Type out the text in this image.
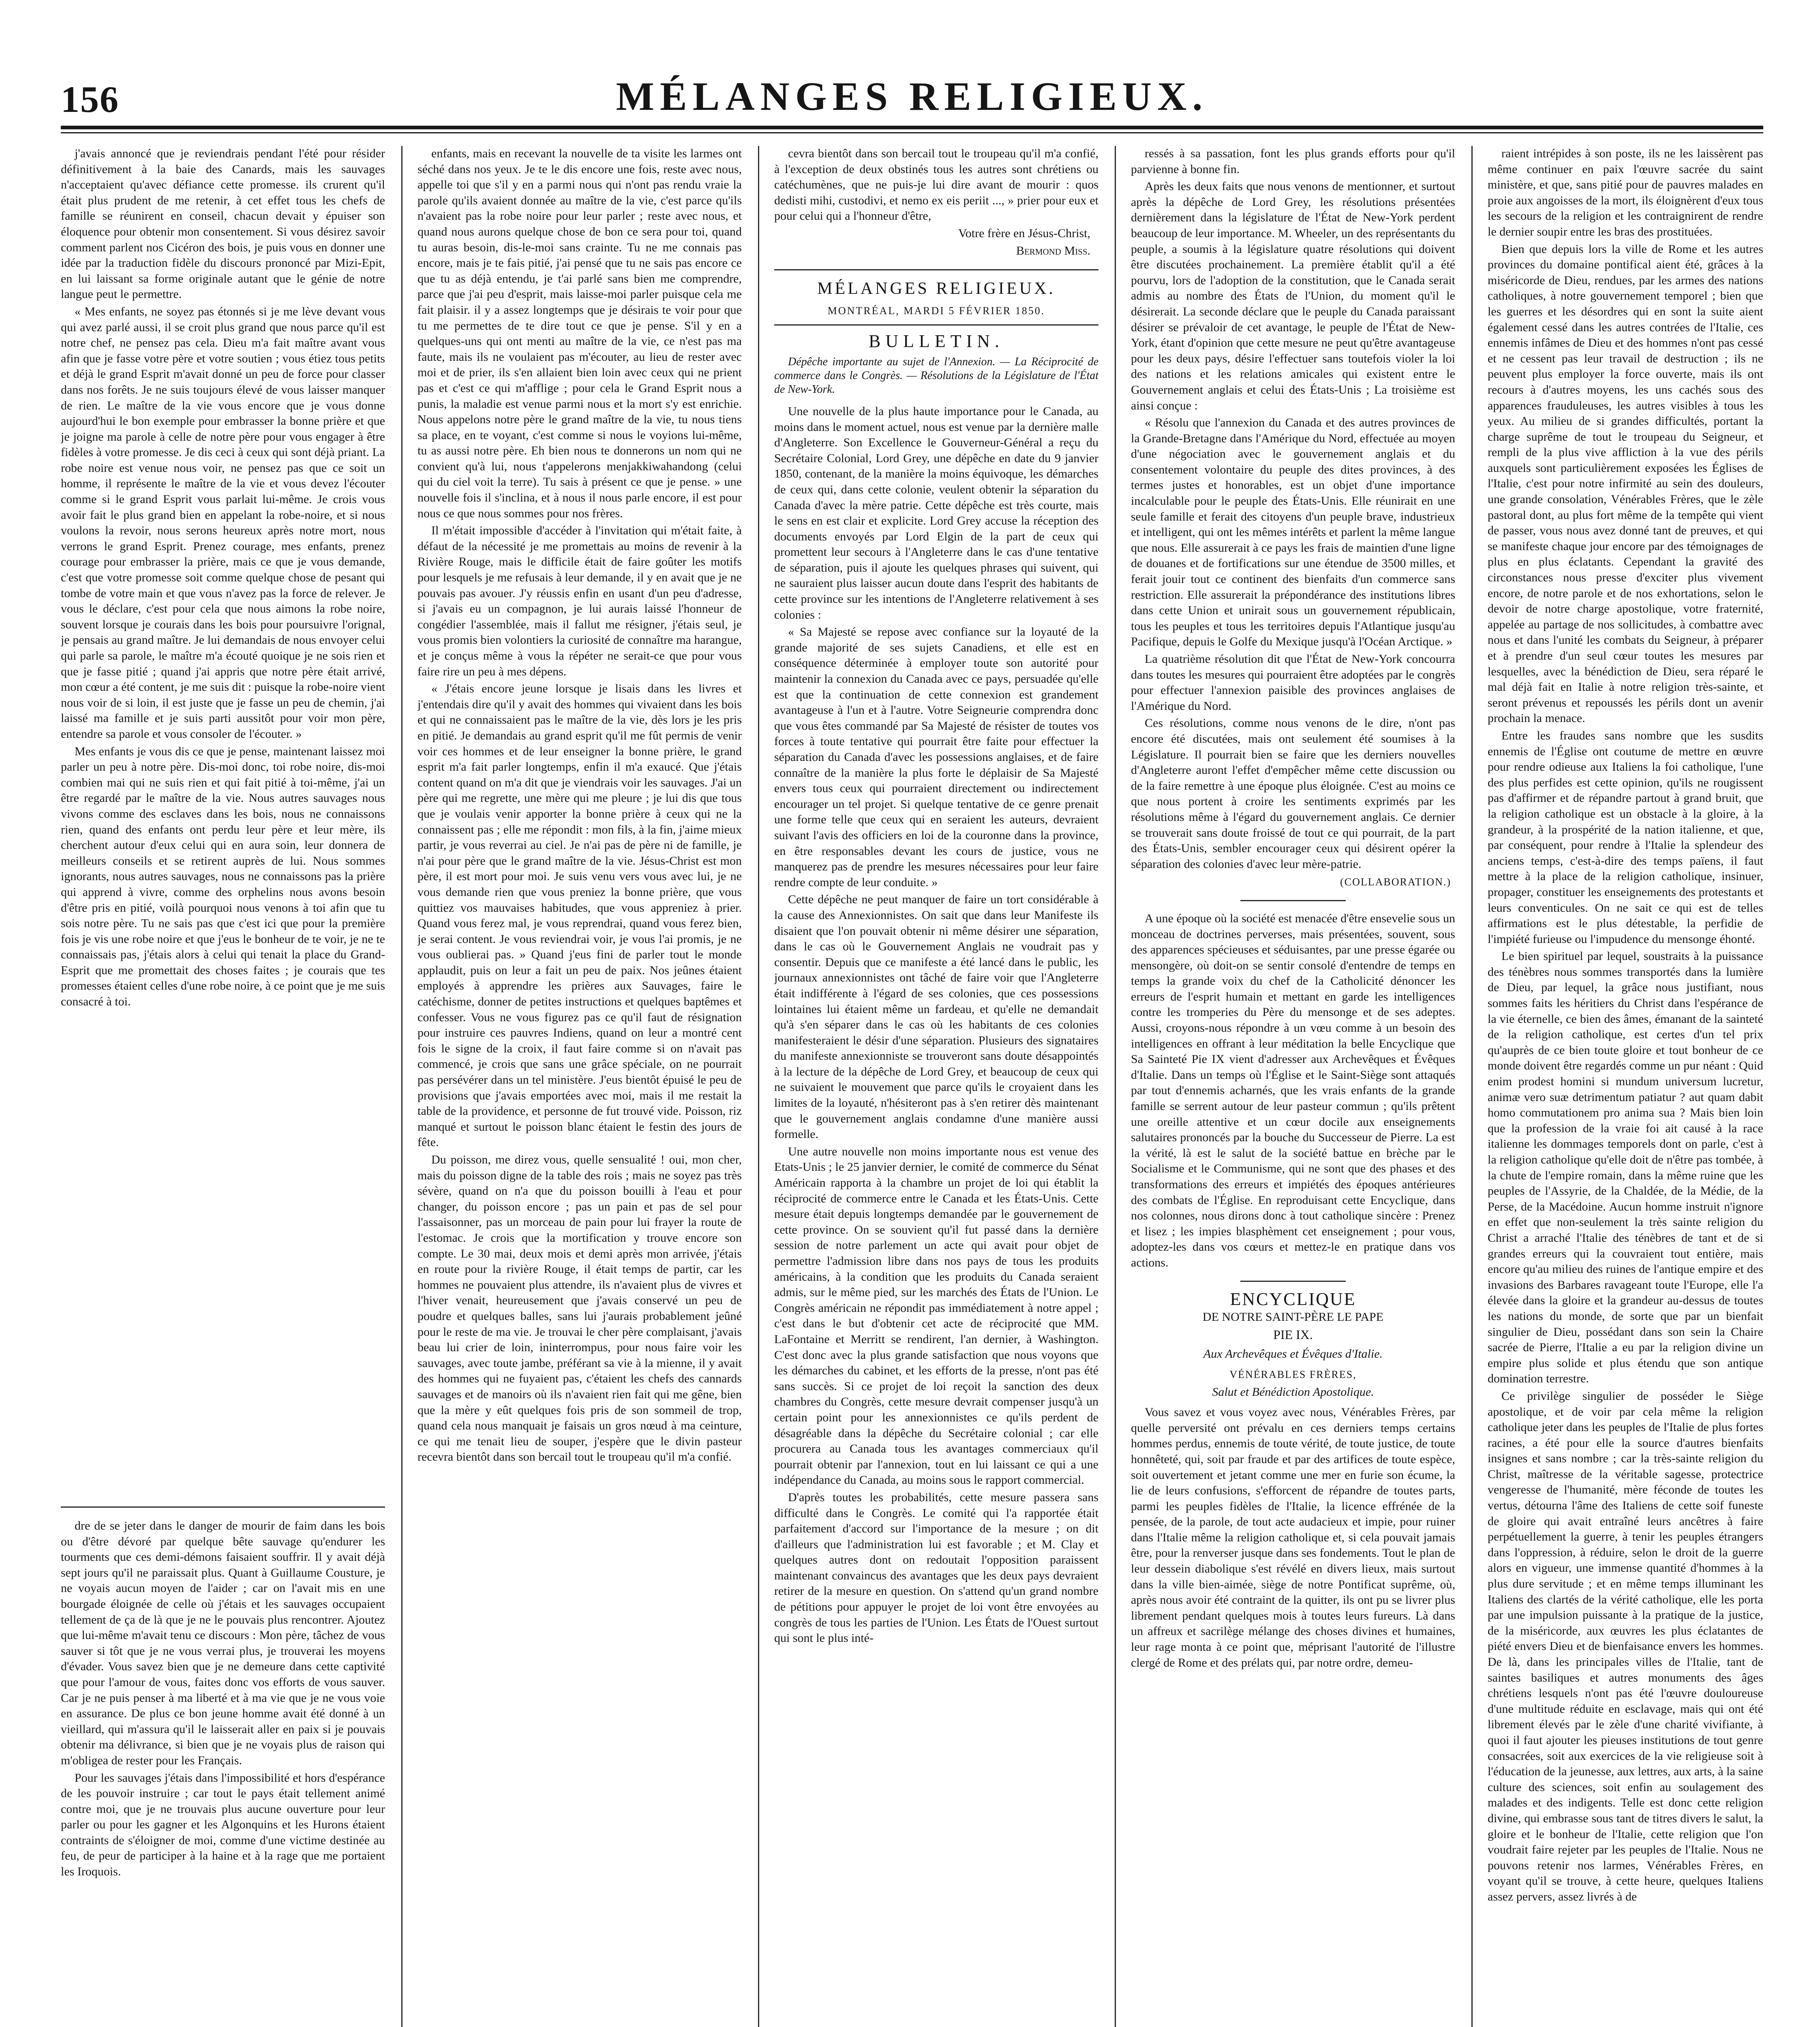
156	MÉLANGES RELIGIEUX.

j'avais annoncé que je reviendrais pendant l'été pour résider définitivement à la baie des Canards, mais les sauvages n'acceptaient qu'avec défiance cette promesse. ils crurent qu'il était plus prudent de me retenir, à cet effet tous les chefs de famille se réunirent en conseil, chacun devait y épuiser son éloquence pour obtenir mon consentement. Si vous désirez savoir comment parlent nos Cicéron des bois, je puis vous en donner une idée par la traduction fidèle du discours prononcé par Mizi-Epit, en lui laissant sa forme originale autant que le génie de notre langue peut le permettre.

« Mes enfants, ne soyez pas étonnés si je me lève devant vous qui avez parlé aussi, il se croit plus grand que nous parce qu'il est notre chef, ne pensez pas cela. Dieu m'a fait maître avant vous afin que je fasse votre père et votre soutien ; vous étiez tous petits et déjà le grand Esprit m'avait donné un peu de force pour classer dans nos forêts. Je ne suis toujours élevé de vous laisser manquer de rien. Le maître de la vie vous encore que je vous donne aujourd'hui le bon exemple pour embrasser la bonne prière et que je joigne ma parole à celle de notre père pour vous engager à être fidèles à votre promesse. Je dis ceci à ceux qui sont déjà priant. La robe noire est venue nous voir, ne pensez pas que ce soit un homme, il représente le maître de la vie et vous devez l'écouter comme si le grand Esprit vous parlait lui-même. Je crois vous avoir fait le plus grand bien en appelant la robe-noire, et si nous voulons la revoir, nous serons heureux après notre mort, nous verrons le grand Esprit. Prenez courage, mes enfants, prenez courage pour embrasser la prière, mais ce que je vous demande, c'est que votre promesse soit comme quelque chose de pesant qui tombe de votre main et que vous n'avez pas la force de relever. Je vous le déclare, c'est pour cela que nous aimons la robe noire, souvent lorsque je courais dans les bois pour poursuivre l'orignal, je pensais au grand maître. Je lui demandais de nous envoyer celui qui parle sa parole, le maître m'a écouté quoique je ne sois rien et que je fasse pitié ; quand j'ai appris que notre père était arrivé, mon cœur a été content, je me suis dit : puisque la robe-noire vient nous voir de si loin, il est juste que je fasse un peu de chemin, j'ai laissé ma famille et je suis parti aussitôt pour voir mon père, entendre sa parole et vous consoler de l'écouter. »

Mes enfants je vous dis ce que je pense, maintenant laissez moi parler un peu à notre père. Dis-moi donc, toi robe noire, dis-moi combien mai qui ne suis rien et qui fait pitié à toi-même, j'ai un être regardé par le maître de la vie. Nous autres sauvages nous vivons comme des esclaves dans les bois, nous ne connaissons rien, quand des enfants ont perdu leur père et leur mère, ils cherchent autour d'eux celui qui en aura soin, leur donnera de meilleurs conseils et se retirent auprès de lui. Nous sommes ignorants, nous autres sauvages, nous ne connaissons pas la prière qui apprend à vivre, comme des orphelins nous avons besoin d'être pris en pitié, voilà pourquoi nous venons à toi afin que tu sois notre père. Tu ne sais pas que c'est ici que pour la première fois je vis une robe noire et que j'eus le bonheur de te voir, je ne te connaissais pas, j'étais alors à celui qui tenait la place du Grand-Esprit que me promettait des choses faites ; je courais que tes promesses étaient celles d'une robe noire, à ce point que je me suis consacré à toi.

dre de se jeter dans le danger de mourir de faim dans les bois ou d'être dévoré par quelque bête sauvage qu'endurer les tourments que ces demi-démons faisaient souffrir. Il y avait déjà sept jours qu'il ne paraissait plus. Quant à Guillaume Cousture, je ne voyais aucun moyen de l'aider ; car on l'avait mis en une bourgade éloignée de celle où j'étais et les sauvages occupaient tellement de ça de là que je ne le pouvais plus rencontrer. Ajoutez que lui-même m'avait tenu ce discours : Mon père, tâchez de vous sauver si tôt que je ne vous verrai plus, je trouverai les moyens d'évader. Vous savez bien que je ne demeure dans cette captivité que pour l'amour de vous, faites donc vos efforts de vous sauver. Car je ne puis penser à ma liberté et à ma vie que je ne vous voie en assurance. De plus ce bon jeune homme avait été donné à un vieillard, qui m'assura qu'il le laisserait aller en paix si je pouvais obtenir ma délivrance, si bien que je ne voyais plus de raison qui m'obligea de rester pour les Français.

Pour les sauvages j'étais dans l'impossibilité et hors d'espérance de les pouvoir instruire ; car tout le pays était tellement animé contre moi, que je ne trouvais plus aucune ouverture pour leur parler ou pour les gagner et les Algonquins et les Hurons étaient contraints de s'éloigner de moi, comme d'une victime destinée au feu, de peur de participer à la haine et à la rage que me portaient les Iroquois.

enfants, mais en recevant la nouvelle de ta visite les larmes ont séché dans nos yeux. Je te le dis encore une fois, reste avec nous, appelle toi que s'il y en a parmi nous qui n'ont pas rendu vraie la parole qu'ils avaient donnée au maître de la vie, c'est parce qu'ils n'avaient pas la robe noire pour leur parler ; reste avec nous, et quand nous aurons quelque chose de bon ce sera pour toi, quand tu auras besoin, dis-le-moi sans crainte. Tu ne me connais pas encore, mais je te fais pitié, j'ai pensé que tu ne sais pas encore ce que tu as déjà entendu, je t'ai parlé sans bien me comprendre, parce que j'ai peu d'esprit, mais laisse-moi parler puisque cela me fait plaisir. il y a assez longtemps que je désirais te voir pour que tu me permettes de te dire tout ce que je pense. S'il y en a quelques-uns qui ont menti au maître de la vie, ce n'est pas ma faute, mais ils ne voulaient pas m'écouter, au lieu de rester avec moi et de prier, ils s'en allaient bien loin avec ceux qui ne prient pas et c'est ce qui m'afflige ; pour cela le Grand Esprit nous a punis, la maladie est venue parmi nous et la mort s'y est enrichie. Nous appelons notre père le grand maître de la vie, tu nous tiens sa place, en te voyant, c'est comme si nous le voyions lui-même, tu as aussi notre père. Eh bien nous te donnerons un nom qui ne convient qu'à lui, nous t'appelerons menjakkiwahandong (celui qui du ciel voit la terre). Tu sais à présent ce que je pense. » une nouvelle fois il s'inclina, et à nous il nous parle encore, il est pour nous ce que nous sommes pour nos frères.

Il m'était impossible d'accéder à l'invitation qui m'était faite, à défaut de la nécessité je me promettais au moins de revenir à la Rivière Rouge, mais le difficile était de faire goûter les motifs pour lesquels je me refusais à leur demande, il y en avait que je ne pouvais pas avouer. J'y réussis enfin en usant d'un peu d'adresse, si j'avais eu un compagnon, je lui aurais laissé l'honneur de congédier l'assemblée, mais il fallut me résigner, j'étais seul, je vous promis bien volontiers la curiosité de connaître ma harangue, et je conçus même à vous la répéter ne serait-ce que pour vous faire rire un peu à mes dépens.

« J'étais encore jeune lorsque je lisais dans les livres et j'entendais dire qu'il y avait des hommes qui vivaient dans les bois et qui ne connaissaient pas le maître de la vie, dès lors je les pris en pitié. Je demandais au grand esprit qu'il me fût permis de venir voir ces hommes et de leur enseigner la bonne prière, le grand esprit m'a fait parler longtemps, enfin il m'a exaucé. Que j'étais content quand on m'a dit que je viendrais voir les sauvages. J'ai un père qui me regrette, une mère qui me pleure ; je lui dis que tous que je voulais venir apporter la bonne prière à ceux qui ne la connaissent pas ; elle me répondit : mon fils, à la fin, j'aime mieux partir, je vous reverrai au ciel. Je n'ai pas de père ni de famille, je n'ai pour père que le grand maître de la vie. Jésus-Christ est mon père, il est mort pour moi. Je suis venu vers vous avec lui, je ne vous demande rien que vous preniez la bonne prière, que vous quittiez vos mauvaises habitudes, que vous appreniez à prier. Quand vous ferez mal, je vous reprendrai, quand vous ferez bien, je serai content. Je vous reviendrai voir, je vous l'ai promis, je ne vous oublierai pas. » Quand j'eus fini de parler tout le monde applaudit, puis on leur a fait un peu de paix. Nos jeûnes étaient employés à apprendre les prières aux Sauvages, faire le catéchisme, donner de petites instructions et quelques baptêmes et confesser. Vous ne vous figurez pas ce qu'il faut de résignation pour instruire ces pauvres Indiens, quand on leur a montré cent fois le signe de la croix, il faut faire comme si on n'avait pas commencé, je crois que sans une grâce spéciale, on ne pourrait pas persévérer dans un tel ministère. J'eus bientôt épuisé le peu de provisions que j'avais emportées avec moi, mais il me restait la table de la providence, et personne de fut trouvé vide. Poisson, riz manqué et surtout le poisson blanc étaient le festin des jours de fête.

Du poisson, me direz vous, quelle sensualité ! oui, mon cher, mais du poisson digne de la table des rois ; mais ne soyez pas très sévère, quand on n'a que du poisson bouilli à l'eau et pour changer, du poisson encore ; pas un pain et pas de sel pour l'assaisonner, pas un morceau de pain pour lui frayer la route de l'estomac. Je crois que la mortification y trouve encore son compte. Le 30 mai, deux mois et demi après mon arrivée, j'étais en route pour la rivière Rouge, il était temps de partir, car les hommes ne pouvaient plus attendre, ils n'avaient plus de vivres et l'hiver venait, heureusement que j'avais conservé un peu de poudre et quelques balles, sans lui j'aurais probablement jeûné pour le reste de ma vie. Je trouvai le cher père complaisant, j'avais beau lui crier de loin, ininterrompus, pour nous faire voir les sauvages, avec toute jambe, préférant sa vie à la mienne, il y avait des hommes qui ne fuyaient pas, c'étaient les chefs des cannards sauvages et de manoirs où ils n'avaient rien fait qui me gêne, bien que la mère y eût quelques fois pris de son sommeil de trop, quand cela nous manquait je faisais un gros nœud à ma ceinture, ce qui me tenait lieu de souper, j'espère que le divin pasteur recevra bientôt dans son bercail tout le troupeau qu'il m'a confié.

cevra bientôt dans son bercail tout le troupeau qu'il m'a confié, à l'exception de deux obstinés tous les autres sont chrétiens ou catéchumènes, que ne puis-je lui dire avant de mourir : quos dedisti mihi, custodivi, et nemo ex eis periit ..., » prier pour eux et pour celui qui a l'honneur d'être,

Votre frère en Jésus-Christ,

Bermond Miss.

MÉLANGES RELIGIEUX.
MONTRÉAL, MARDI 5 FÉVRIER 1850.
BULLETIN.

Dépêche importante au sujet de l'Annexion. — La Réciprocité de commerce dans le Congrès. — Résolutions de la Législature de l'État de New-York.

Une nouvelle de la plus haute importance pour le Canada, au moins dans le moment actuel, nous est venue par la dernière malle d'Angleterre. Son Excellence le Gouverneur-Général a reçu du Secrétaire Colonial, Lord Grey, une dépêche en date du 9 janvier 1850, contenant, de la manière la moins équivoque, les démarches de ceux qui, dans cette colonie, veulent obtenir la séparation du Canada d'avec la mère patrie. Cette dépêche est très courte, mais le sens en est clair et explicite. Lord Grey accuse la réception des documents envoyés par Lord Elgin de la part de ceux qui promettent leur secours à l'Angleterre dans le cas d'une tentative de séparation, puis il ajoute les quelques phrases qui suivent, qui ne sauraient plus laisser aucun doute dans l'esprit des habitants de cette province sur les intentions de l'Angleterre relativement à ses colonies :

« Sa Majesté se repose avec confiance sur la loyauté de la grande majorité de ses sujets Canadiens, et elle est en conséquence déterminée à employer toute son autorité pour maintenir la connexion du Canada avec ce pays, persuadée qu'elle est que la continuation de cette connexion est grandement avantageuse à l'un et à l'autre. Votre Seigneurie comprendra donc que vous êtes commandé par Sa Majesté de résister de toutes vos forces à toute tentative qui pourrait être faite pour effectuer la séparation du Canada d'avec les possessions anglaises, et de faire connaître de la manière la plus forte le déplaisir de Sa Majesté envers tous ceux qui pourraient directement ou indirectement encourager un tel projet. Si quelque tentative de ce genre prenait une forme telle que ceux qui en seraient les auteurs, devraient suivant l'avis des officiers en loi de la couronne dans la province, en être responsables devant les cours de justice, vous ne manquerez pas de prendre les mesures nécessaires pour leur faire rendre compte de leur conduite. »

Cette dépêche ne peut manquer de faire un tort considérable à la cause des Annexionnistes. On sait que dans leur Manifeste ils disaient que l'on pouvait obtenir ni même désirer une séparation, dans le cas où le Gouvernement Anglais ne voudrait pas y consentir. Depuis que ce manifeste a été lancé dans le public, les journaux annexionnistes ont tâché de faire voir que l'Angleterre était indifférente à l'égard de ses colonies, que ces possessions lointaines lui étaient même un fardeau, et qu'elle ne demandait qu'à s'en séparer dans le cas où les habitants de ces colonies manifesteraient le désir d'une séparation. Plusieurs des signataires du manifeste annexionniste se trouveront sans doute désappointés à la lecture de la dépêche de Lord Grey, et beaucoup de ceux qui ne suivaient le mouvement que parce qu'ils le croyaient dans les limites de la loyauté, n'hésiteront pas à s'en retirer dès maintenant que le gouvernement anglais condamne d'une manière aussi formelle.

Une autre nouvelle non moins importante nous est venue des Etats-Unis ; le 25 janvier dernier, le comité de commerce du Sénat Américain rapporta à la chambre un projet de loi qui établit la réciprocité de commerce entre le Canada et les États-Unis. Cette mesure était depuis longtemps demandée par le gouvernement de cette province. On se souvient qu'il fut passé dans la dernière session de notre parlement un acte qui avait pour objet de permettre l'admission libre dans nos pays de tous les produits américains, à la condition que les produits du Canada seraient admis, sur le même pied, sur les marchés des États de l'Union. Le Congrès américain ne répondit pas immédiatement à notre appel ; c'est dans le but d'obtenir cet acte de réciprocité que MM. LaFontaine et Merritt se rendirent, l'an dernier, à Washington. C'est donc avec la plus grande satisfaction que nous voyons que les démarches du cabinet, et les efforts de la presse, n'ont pas été sans succès. Si ce projet de loi reçoit la sanction des deux chambres du Congrès, cette mesure devrait compenser jusqu'à un certain point pour les annexionnistes ce qu'ils perdent de désagréable dans la dépêche du Secrétaire colonial ; car elle procurera au Canada tous les avantages commerciaux qu'il pourrait obtenir par l'annexion, tout en lui laissant ce qui a une indépendance du Canada, au moins sous le rapport commercial.

D'après toutes les probabilités, cette mesure passera sans difficulté dans le Congrès. Le comité qui l'a rapportée était parfaitement d'accord sur l'importance de la mesure ; on dit d'ailleurs que l'administration lui est favorable ; et M. Clay et quelques autres dont on redoutait l'opposition paraissent maintenant convaincus des avantages que les deux pays devraient retirer de la mesure en question. On s'attend qu'un grand nombre de pétitions pour appuyer le projet de loi vont être envoyées au congrès de tous les parties de l'Union. Les États de l'Ouest surtout qui sont le plus inté-

ressés à sa passation, font les plus grands efforts pour qu'il parvienne à bonne fin.

Après les deux faits que nous venons de mentionner, et surtout après la dépêche de Lord Grey, les résolutions présentées dernièrement dans la législature de l'État de New-York perdent beaucoup de leur importance. M. Wheeler, un des représentants du peuple, a soumis à la législature quatre résolutions qui doivent être discutées prochainement. La première établit qu'il a été pourvu, lors de l'adoption de la constitution, que le Canada serait admis au nombre des États de l'Union, du moment qu'il le désirerait. La seconde déclare que le peuple du Canada paraissant désirer se prévaloir de cet avantage, le peuple de l'État de New-York, étant d'opinion que cette mesure ne peut qu'être avantageuse pour les deux pays, désire l'effectuer sans toutefois violer la loi des nations et les relations amicales qui existent entre le Gouvernement anglais et celui des États-Unis ; La troisième est ainsi conçue :

« Résolu que l'annexion du Canada et des autres provinces de la Grande-Bretagne dans l'Amérique du Nord, effectuée au moyen d'une négociation avec le gouvernement anglais et du consentement volontaire du peuple des dites provinces, à des termes justes et honorables, est un objet d'une importance incalculable pour le peuple des États-Unis. Elle réunirait en une seule famille et ferait des citoyens d'un peuple brave, industrieux et intelligent, qui ont les mêmes intérêts et parlent la même langue que nous. Elle assurerait à ce pays les frais de maintien d'une ligne de douanes et de fortifications sur une étendue de 3500 milles, et ferait jouir tout ce continent des bienfaits d'un commerce sans restriction. Elle assurerait la prépondérance des institutions libres dans cette Union et unirait sous un gouvernement républicain, tous les peuples et tous les territoires depuis l'Atlantique jusqu'au Pacifique, depuis le Golfe du Mexique jusqu'à l'Océan Arctique. »

La quatrième résolution dit que l'État de New-York concourra dans toutes les mesures qui pourraient être adoptées par le congrès pour effectuer l'annexion paisible des provinces anglaises de l'Amérique du Nord.

Ces résolutions, comme nous venons de le dire, n'ont pas encore été discutées, mais ont seulement été soumises à la Législature. Il pourrait bien se faire que les derniers nouvelles d'Angleterre auront l'effet d'empêcher même cette discussion ou de la faire remettre à une époque plus éloignée. C'est au moins ce que nous portent à croire les sentiments exprimés par les résolutions même à l'égard du gouvernement anglais. Ce dernier se trouverait sans doute froissé de tout ce qui pourrait, de la part des États-Unis, sembler encourager ceux qui désirent opérer la séparation des colonies d'avec leur mère-patrie.

(COLLABORATION.)

A une époque où la société est menacée d'être ensevelie sous un monceau de doctrines perverses, mais présentées, souvent, sous des apparences spécieuses et séduisantes, par une presse égarée ou mensongère, où doit-on se sentir consolé d'entendre de temps en temps la grande voix du chef de la Catholicité dénoncer les erreurs de l'esprit humain et mettant en garde les intelligences contre les tromperies du Père du mensonge et de ses adeptes. Aussi, croyons-nous répondre à un vœu comme à un besoin des intelligences en offrant à leur méditation la belle Encyclique que Sa Sainteté Pie IX vient d'adresser aux Archevêques et Évêques d'Italie. Dans un temps où l'Église et le Saint-Siège sont attaqués par tout d'ennemis acharnés, que les vrais enfants de la grande famille se serrent autour de leur pasteur commun ; qu'ils prêtent une oreille attentive et un cœur docile aux enseignements salutaires prononcés par la bouche du Successeur de Pierre. La est la vérité, là est le salut de la société battue en brèche par le Socialisme et le Communisme, qui ne sont que des phases et des transformations des erreurs et impiétés des époques antérieures des combats de l'Église. En reproduisant cette Encyclique, dans nos colonnes, nous dirons donc à tout catholique sincère : Prenez et lisez ; les impies blasphèment cet enseignement ; pour vous, adoptez-les dans vos cœurs et mettez-le en pratique dans vos actions.

ENCYCLIQUE
DE NOTRE SAINT-PÈRE LE PAPE
PIE IX.
Aux Archevêques et Évêques d'Italie.
VÉNÉRABLES FRÈRES,
Salut et Bénédiction Apostolique.

Vous savez et vous voyez avec nous, Vénérables Frères, par quelle perversité ont prévalu en ces derniers temps certains hommes perdus, ennemis de toute vérité, de toute justice, de toute honnêteté, qui, soit par fraude et par des artifices de toute espèce, soit ouvertement et jetant comme une mer en furie son écume, la lie de leurs confusions, s'efforcent de répandre de toutes parts, parmi les peuples fidèles de l'Italie, la licence effrénée de la pensée, de la parole, de tout acte audacieux et impie, pour ruiner dans l'Italie même la religion catholique et, si cela pouvait jamais être, pour la renverser jusque dans ses fondements. Tout le plan de leur dessein diabolique s'est révélé en divers lieux, mais surtout dans la ville bien-aimée, siège de notre Pontificat suprême, où, après nous avoir été contraint de la quitter, ils ont pu se livrer plus librement pendant quelques mois à toutes leurs fureurs. Là dans un affreux et sacrilège mélange des choses divines et humaines, leur rage monta à ce point que, méprisant l'autorité de l'illustre clergé de Rome et des prélats qui, par notre ordre, demeu-

raient intrépides à son poste, ils ne les laissèrent pas même continuer en paix l'œuvre sacrée du saint ministère, et que, sans pitié pour de pauvres malades en proie aux angoisses de la mort, ils éloignèrent d'eux tous les secours de la religion et les contraignirent de rendre le dernier soupir entre les bras des prostituées.

Bien que depuis lors la ville de Rome et les autres provinces du domaine pontifical aient été, grâces à la miséricorde de Dieu, rendues, par les armes des nations catholiques, à notre gouvernement temporel ; bien que les guerres et les désordres qui en sont la suite aient également cessé dans les autres contrées de l'Italie, ces ennemis infâmes de Dieu et des hommes n'ont pas cessé et ne cessent pas leur travail de destruction ; ils ne peuvent plus employer la force ouverte, mais ils ont recours à d'autres moyens, les uns cachés sous des apparences frauduleuses, les autres visibles à tous les yeux. Au milieu de si grandes difficultés, portant la charge suprême de tout le troupeau du Seigneur, et rempli de la plus vive affliction à la vue des périls auxquels sont particulièrement exposées les Églises de l'Italie, c'est pour notre infirmité au sein des douleurs, une grande consolation, Vénérables Frères, que le zèle pastoral dont, au plus fort même de la tempête qui vient de passer, vous nous avez donné tant de preuves, et qui se manifeste chaque jour encore par des témoignages de plus en plus éclatants. Cependant la gravité des circonstances nous presse d'exciter plus vivement encore, de notre parole et de nos exhortations, selon le devoir de notre charge apostolique, votre fraternité, appelée au partage de nos sollicitudes, à combattre avec nous et dans l'unité les combats du Seigneur, à préparer et à prendre d'un seul cœur toutes les mesures par lesquelles, avec la bénédiction de Dieu, sera réparé le mal déjà fait en Italie à notre religion très-sainte, et seront prévenus et repoussés les périls dont un avenir prochain la menace.

Entre les fraudes sans nombre que les susdits ennemis de l'Église ont coutume de mettre en œuvre pour rendre odieuse aux Italiens la foi catholique, l'une des plus perfides est cette opinion, qu'ils ne rougissent pas d'affirmer et de répandre partout à grand bruit, que la religion catholique est un obstacle à la gloire, à la grandeur, à la prospérité de la nation italienne, et que, par conséquent, pour rendre à l'Italie la splendeur des anciens temps, c'est-à-dire des temps païens, il faut mettre à la place de la religion catholique, insinuer, propager, constituer les enseignements des protestants et leurs conventicules. On ne sait ce qui est de telles affirmations est le plus détestable, la perfidie de l'impiété furieuse ou l'impudence du mensonge éhonté.

Le bien spirituel par lequel, soustraits à la puissance des ténèbres nous sommes transportés dans la lumière de Dieu, par lequel, la grâce nous justifiant, nous sommes faits les héritiers du Christ dans l'espérance de la vie éternelle, ce bien des âmes, émanant de la sainteté de la religion catholique, est certes d'un tel prix qu'auprès de ce bien toute gloire et tout bonheur de ce monde doivent être regardés comme un pur néant : Quid enim prodest homini si mundum universum lucretur, animæ vero suæ detrimentum patiatur ? aut quam dabit homo commutationem pro anima sua ? Mais bien loin que la profession de la vraie foi ait causé à la race italienne les dommages temporels dont on parle, c'est à la religion catholique qu'elle doit de n'être pas tombée, à la chute de l'empire romain, dans la même ruine que les peuples de l'Assyrie, de la Chaldée, de la Médie, de la Perse, de la Macédoine. Aucun homme instruit n'ignore en effet que non-seulement la très sainte religion du Christ a arraché l'Italie des ténèbres de tant et de si grandes erreurs qui la couvraient tout entière, mais encore qu'au milieu des ruines de l'antique empire et des invasions des Barbares ravageant toute l'Europe, elle l'a élevée dans la gloire et la grandeur au-dessus de toutes les nations du monde, de sorte que par un bienfait singulier de Dieu, possédant dans son sein la Chaire sacrée de Pierre, l'Italie a eu par la religion divine un empire plus solide et plus étendu que son antique domination terrestre.

Ce privilège singulier de posséder le Siège apostolique, et de voir par cela même la religion catholique jeter dans les peuples de l'Italie de plus fortes racines, a été pour elle la source d'autres bienfaits insignes et sans nombre ; car la très-sainte religion du Christ, maîtresse de la véritable sagesse, protectrice vengeresse de l'humanité, mère féconde de toutes les vertus, détourna l'âme des Italiens de cette soif funeste de gloire qui avait entraîné leurs ancêtres à faire perpétuellement la guerre, à tenir les peuples étrangers dans l'oppression, à réduire, selon le droit de la guerre alors en vigueur, une immense quantité d'hommes à la plus dure servitude ; et en même temps illuminant les Italiens des clartés de la vérité catholique, elle les porta par une impulsion puissante à la pratique de la justice, de la miséricorde, aux œuvres les plus éclatantes de piété envers Dieu et de bienfaisance envers les hommes. De là, dans les principales villes de l'Italie, tant de saintes basiliques et autres monuments des âges chrétiens lesquels n'ont pas été l'œuvre douloureuse d'une multitude réduite en esclavage, mais qui ont été librement élevés par le zèle d'une charité vivifiante, à quoi il faut ajouter les pieuses institutions de tout genre consacrées, soit aux exercices de la vie religieuse soit à l'éducation de la jeunesse, aux lettres, aux arts, à la saine culture des sciences, soit enfin au soulagement des malades et des indigents. Telle est donc cette religion divine, qui embrasse sous tant de titres divers le salut, la gloire et le bonheur de l'Italie, cette religion que l'on voudrait faire rejeter par les peuples de l'Italie. Nous ne pouvons retenir nos larmes, Vénérables Frères, en voyant qu'il se trouve, à cette heure, quelques Italiens assez pervers, assez livrés à de
